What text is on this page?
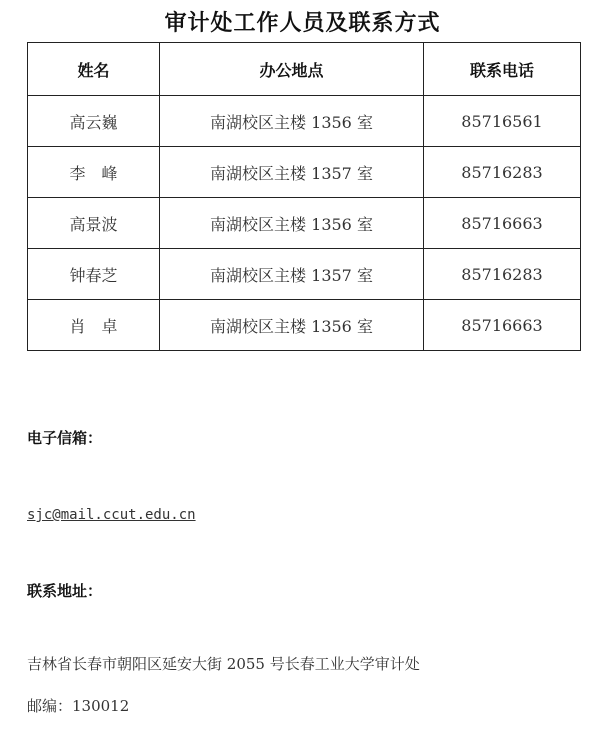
审计处工作人员及联系方式
姓名	办公地点	联系电话
高云巍	南湖校区主楼 1356 室	85716561
李　峰	南湖校区主楼 1357 室	85716283
高景波	南湖校区主楼 1356 室	85716663
钟春芝	南湖校区主楼 1357 室	85716283
肖　卓	南湖校区主楼 1356 室	85716663
电子信箱：
sjc@mail.ccut.edu.cn
联系地址：
吉林省长春市朝阳区延安大街 2055 号长春工业大学审计处
邮编：130012
